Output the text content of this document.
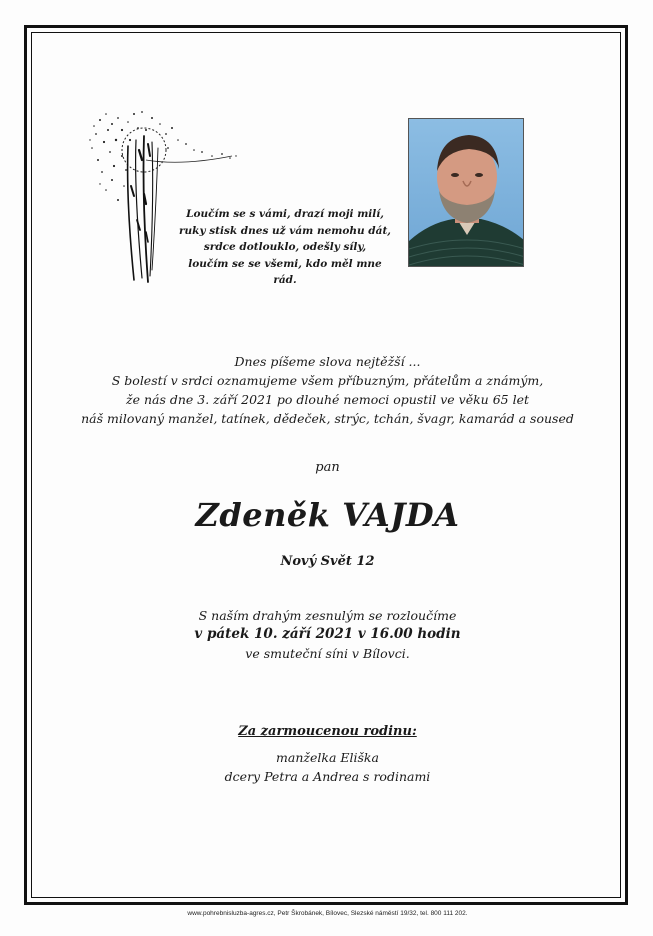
Loučím se s vámi, drazí moji milí,
ruky stisk dnes už vám nemohu dát,
srdce dotlouklo, odešly síly,
loučím se se všemi, kdo měl mne rád.
Dnes píšeme slova nejtěžší ...
S bolestí v srdci oznamujeme všem příbuzným, přátelům a známým,
že nás dne 3. září 2021 po dlouhé nemoci opustil ve věku 65 let
náš milovaný manžel, tatínek, dědeček, strýc, tchán, švagr, kamarád a soused
pan
Zdeněk VAJDA
Nový Svět 12
S naším drahým zesnulým se rozloučíme
v pátek 10. září 2021 v 16.00 hodin
ve smuteční síni v Bílovci.
Za zarmoucenou rodinu:
manželka Eliška
dcery Petra a Andrea s rodinami
www.pohrebnisluzba-agres.cz, Petr Škrobánek, Bílovec, Slezské náměstí 19/32, tel. 800 111 202.
